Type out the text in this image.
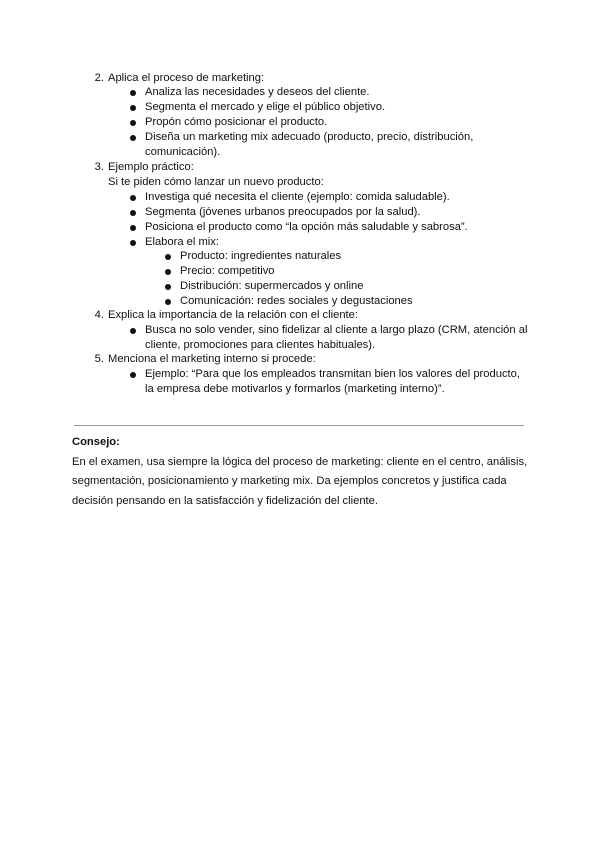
2. Aplica el proceso de marketing:
Analiza las necesidades y deseos del cliente.
Segmenta el mercado y elige el público objetivo.
Propón cómo posicionar el producto.
Diseña un marketing mix adecuado (producto, precio, distribución,
comunicación).
3. Ejemplo práctico:
Si te piden cómo lanzar un nuevo producto:
Investiga qué necesita el cliente (ejemplo: comida saludable).
Segmenta (jóvenes urbanos preocupados por la salud).
Posiciona el producto como “la opción más saludable y sabrosa”.
Elabora el mix:
Producto: ingredientes naturales
Precio: competitivo
Distribución: supermercados y online
Comunicación: redes sociales y degustaciones
4. Explica la importancia de la relación con el cliente:
Busca no solo vender, sino fidelizar al cliente a largo plazo (CRM, atención al
cliente, promociones para clientes habituales).
5. Menciona el marketing interno si procede:
Ejemplo: “Para que los empleados transmitan bien los valores del producto,
la empresa debe motivarlos y formarlos (marketing interno)”.
Consejo:
En el examen, usa siempre la lógica del proceso de marketing: cliente en el centro, análisis,
segmentación, posicionamiento y marketing mix. Da ejemplos concretos y justifica cada
decisión pensando en la satisfacción y fidelización del cliente.
